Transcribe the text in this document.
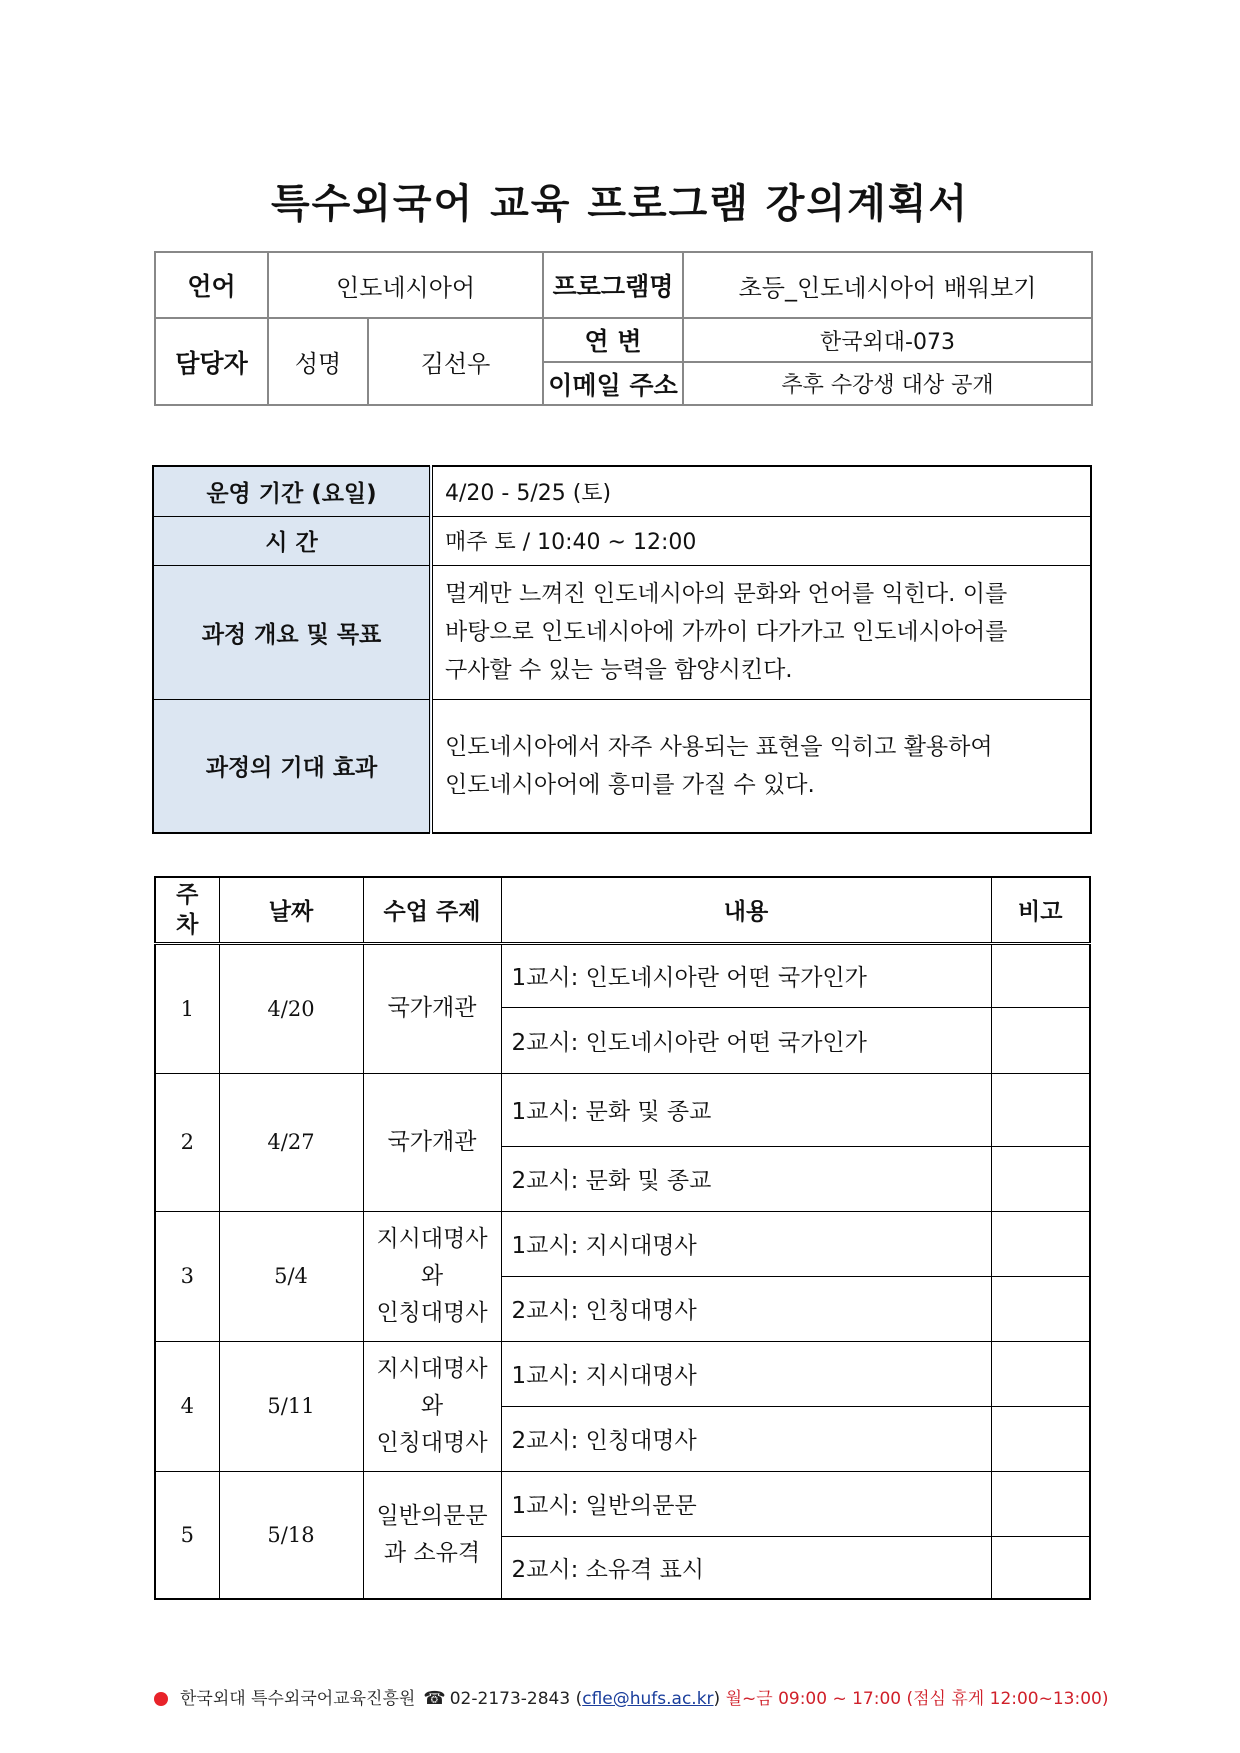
특수외국어 교육 프로그램 강의계획서
언어	인도네시아어		프로그램명	초등_인도네시아어 배워보기
담당자	성명	김선우	연 변	한국외대-073
			이메일 주소	추후 수강생 대상 공개
운영 기간 (요일)	4/20 - 5/25 (토)
시 간	매주 토 / 10:40 ~ 12:00
과정 개요 및 목표	멀게만 느껴진 인도네시아의 문화와 언어를 익힌다. 이를
바탕으로 인도네시아에 가까이 다가가고 인도네시아어를
구사할 수 있는 능력을 함양시킨다.

과정의 기대 효과	인도네시아에서 자주 사용되는 표현을 익히고 활용하여
인도네시아어에 흥미를 가질 수 있다.
주
차	날짜	수업 주제	내용	비고
1	4/20	국가개관	1교시: 인도네시아란 어떤 국가인가	
			2교시: 인도네시아란 어떤 국가인가	
2	4/27	국가개관	1교시: 문화 및 종교	
			2교시: 문화 및 종교	
3	5/4	지시대명사
와
인칭대명사	1교시: 지시대명사	
			2교시: 인칭대명사	
4	5/11	지시대명사
와
인칭대명사	1교시: 지시대명사	
			2교시: 인칭대명사	
5	5/18	일반의문문
과 소유격	1교시: 일반의문문	
			2교시: 소유격 표시	
한국외대 특수외국어교육진흥원 ☎ 02-2173-2843 (cfle@hufs.ac.kr) 월~금 09:00 ~ 17:00 (점심 휴게 12:00~13:00)
